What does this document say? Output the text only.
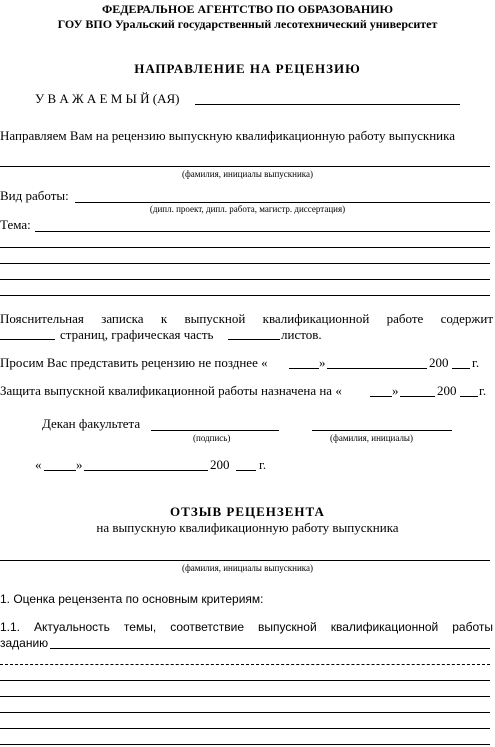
ФЕДЕРАЛЬНОЕ АГЕНТСТВО ПО ОБРАЗОВАНИЮ
ГОУ ВПО Уральский государственный лесотехнический университет
НАПРАВЛЕНИЕ НА РЕЦЕНЗИЮ
У В А Ж А Е М Ы Й (АЯ)
Направляем Вам на рецензию выпускную квалификационную работу выпускника
(фамилия, инициалы выпускника)
Вид работы:
(дипл. проект, дипл. работа, магистр. диссертация)
Тема:
Пояснительная записка к выпускной квалификационной работе содержит
страниц, графическая часть	листов.
Просим Вас представить рецензию не позднее «	»	200 г.
Защита выпускной квалификационной работы назначена на «	»	200 г.
Декан факультета
(подпись)	(фамилия, инициалы)
«	»	200 г.
ОТЗЫВ РЕЦЕНЗЕНТА
на выпускную квалификационную работу выпускника
(фамилия, инициалы выпускника)
1. Оценка рецензента по основным критериям:
1.1. Актуальность темы, соответствие выпускной квалификационной работы
заданию
